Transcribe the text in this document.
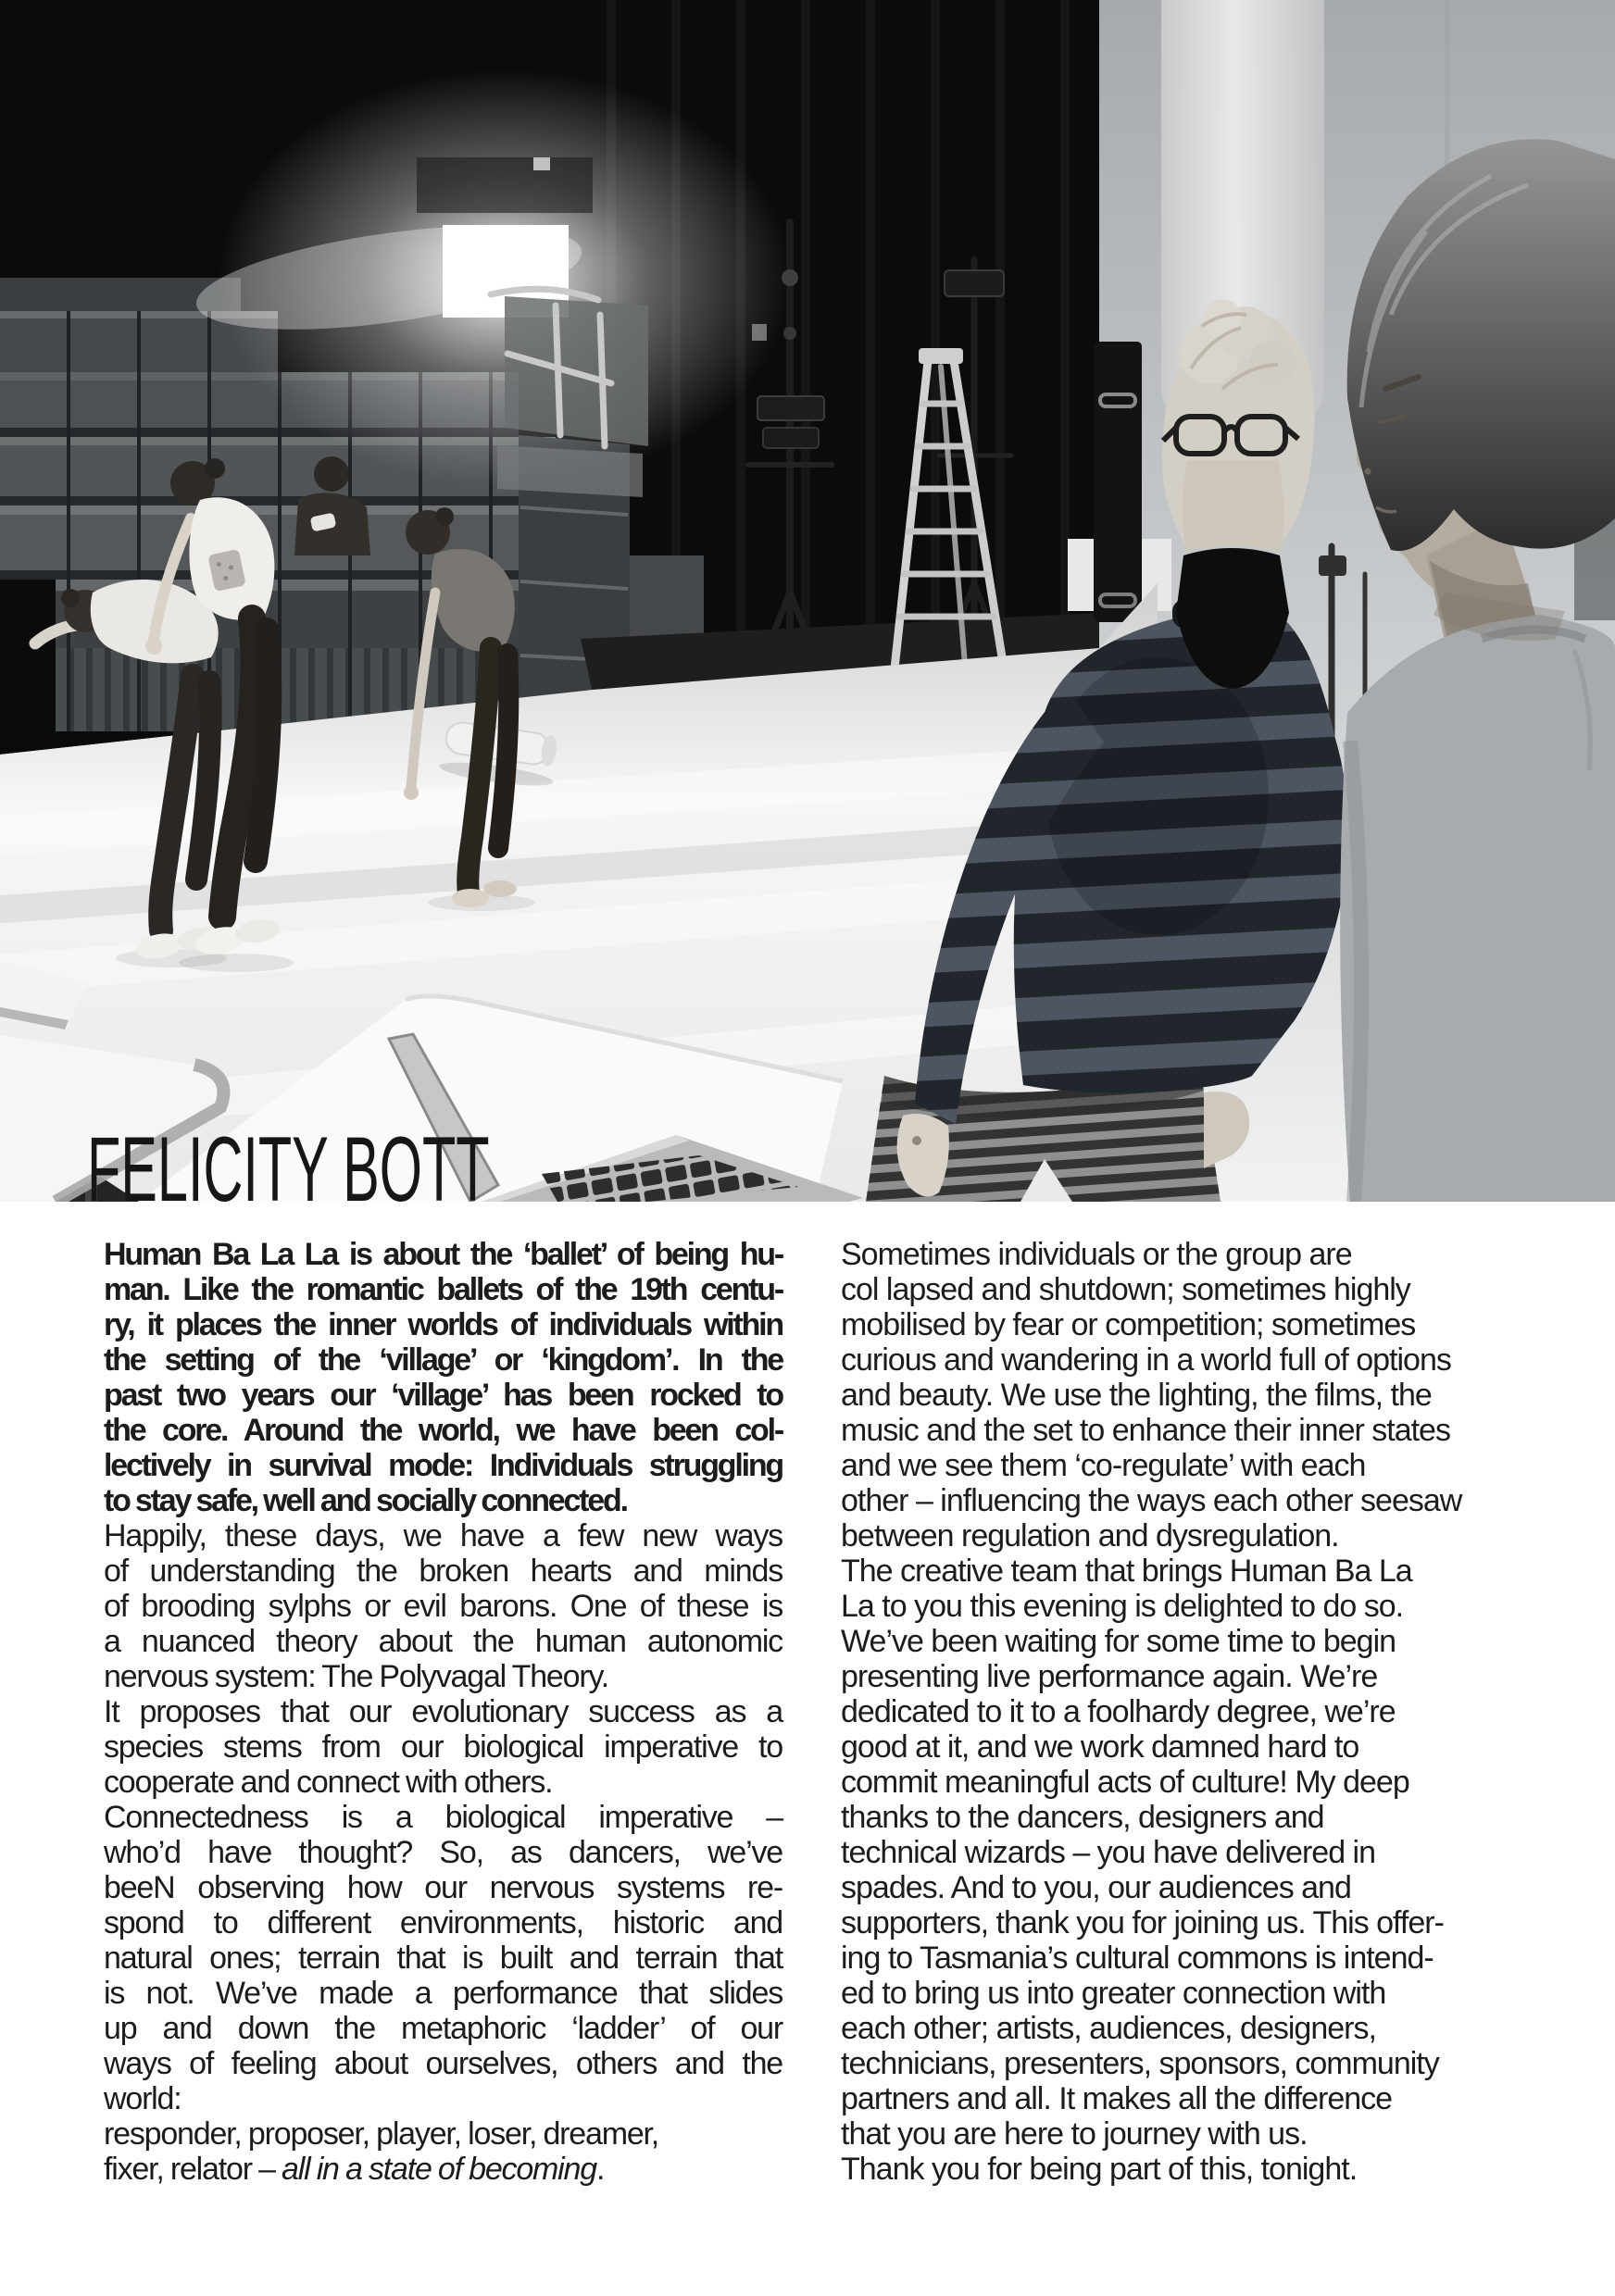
FELICITY BOTT
Human Ba La La is about the ‘ballet’ of being hu-
man. Like the romantic ballets of the 19th centu-
ry, it places the inner worlds of individuals within
the setting of the ‘village’ or ‘kingdom’. In the
past two years our ‘village’ has been rocked to
the core. Around the world, we have been col-
lectively in survival mode: Individuals struggling
to stay safe, well and socially connected.
Happily, these days, we have a few new ways
of understanding the broken hearts and minds
of brooding sylphs or evil barons. One of these is
a nuanced theory about the human autonomic
nervous system: The Polyvagal Theory.
It proposes that our evolutionary success as a
species stems from our biological imperative to
cooperate and connect with others.
Connectedness is a biological imperative –
who’d have thought? So, as dancers, we’ve
beeN observing how our nervous systems re-
spond to different environments, historic and
natural ones; terrain that is built and terrain that
is not. We’ve made a performance that slides
up and down the metaphoric ‘ladder’ of our
ways of feeling about ourselves, others and the
world:
responder, proposer, player, loser, dreamer,
fixer, relator – all in a state of becoming.
Sometimes individuals or the group are
col lapsed and shutdown; sometimes highly
mobilised by fear or competition; sometimes
curious and wandering in a world full of options
and beauty. We use the lighting, the films, the
music and the set to enhance their inner states
and we see them ‘co-regulate’ with each
other – influencing the ways each other seesaw
between regulation and dysregulation.
The creative team that brings Human Ba La
La to you this evening is delighted to do so.
We’ve been waiting for some time to begin
presenting live performance again. We’re
dedicated to it to a foolhardy degree, we’re
good at it, and we work damned hard to
commit meaningful acts of culture! My deep
thanks to the dancers, designers and
technical wizards – you have delivered in
spades. And to you, our audiences and
supporters, thank you for joining us. This offer-
ing to Tasmania’s cultural commons is intend-
ed to bring us into greater connection with
each other; artists, audiences, designers,
technicians, presenters, sponsors, community
partners and all. It makes all the difference
that you are here to journey with us.
Thank you for being part of this, tonight.
